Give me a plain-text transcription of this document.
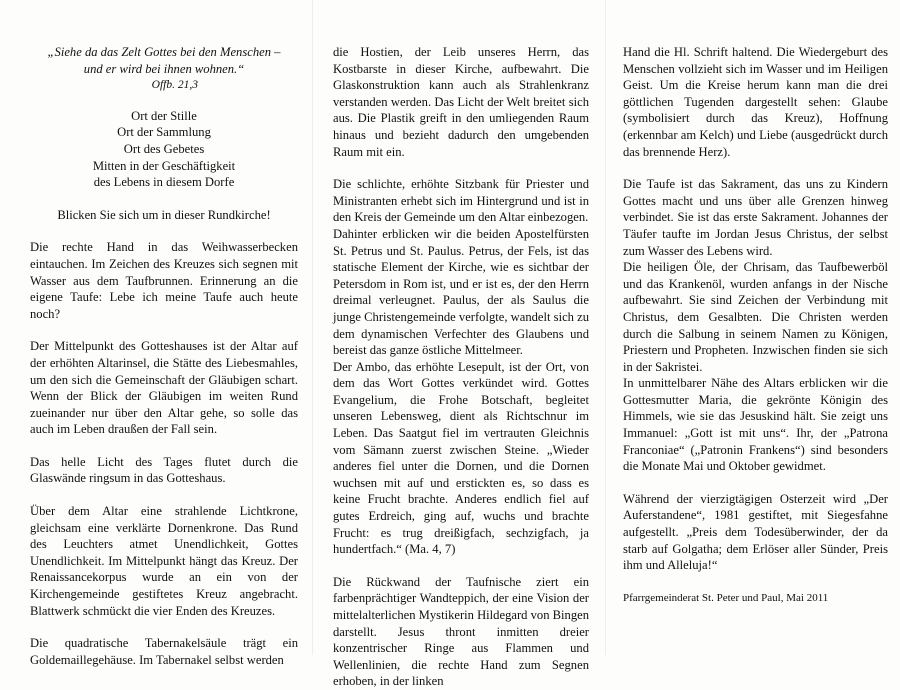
„Siehe da das Zelt Gottes bei den Menschen –

und er wird bei ihnen wohnen.“

Offb. 21,3

Ort der Stille

Ort der Sammlung

Ort des Gebetes

Mitten in der Geschäftigkeit

des Lebens in diesem Dorfe

Blicken Sie sich um in dieser Rundkirche!

Die rechte Hand in das Weihwasserbecken eintauchen. Im Zeichen des Kreuzes sich segnen mit Wasser aus dem Taufbrunnen. Erinnerung an die eigene Taufe: Lebe ich meine Taufe auch heute noch?

Der Mittelpunkt des Gotteshauses ist der Altar auf der erhöhten Altarinsel, die Stätte des Liebesmahles, um den sich die Gemeinschaft der Gläubigen schart. Wenn der Blick der Gläubigen im weiten Rund zueinander nur über den Altar gehe, so solle das auch im Leben draußen der Fall sein.

Das helle Licht des Tages flutet durch die Glaswände ringsum in das Gotteshaus.

Über dem Altar eine strahlende Lichtkrone, gleichsam eine verklärte Dornenkrone. Das Rund des Leuchters atmet Unendlichkeit, Gottes Unendlichkeit. Im Mittelpunkt hängt das Kreuz. Der Renaissancekorpus wurde an ein von der Kirchengemeinde gestiftetes Kreuz angebracht. Blattwerk schmückt die vier Enden des Kreuzes.

Die quadratische Tabernakelsäule trägt ein Goldemaillegehäuse. Im Tabernakel selbst werden

die Hostien, der Leib unseres Herrn, das Kostbarste in dieser Kirche, aufbewahrt. Die Glaskonstruktion kann auch als Strahlenkranz verstanden werden. Das Licht der Welt breitet sich aus. Die Plastik greift in den umliegenden Raum hinaus und bezieht dadurch den umgebenden Raum mit ein.

Die schlichte, erhöhte Sitzbank für Priester und Ministranten erhebt sich im Hintergrund und ist in den Kreis der Gemeinde um den Altar einbezogen.

Dahinter erblicken wir die beiden Apostelfürsten St. Petrus und St. Paulus. Petrus, der Fels, ist das statische Element der Kirche, wie es sichtbar der Petersdom in Rom ist, und er ist es, der den Herrn dreimal verleugnet. Paulus, der als Saulus die junge Christengemeinde verfolgte, wandelt sich zu dem dynamischen Verfechter des Glaubens und bereist das ganze östliche Mittelmeer.

Der Ambo, das erhöhte Lesepult, ist der Ort, von dem das Wort Gottes verkündet wird. Gottes Evangelium, die Frohe Botschaft, begleitet unseren Lebensweg, dient als Richtschnur im Leben. Das Saatgut fiel im vertrauten Gleichnis vom Sämann zuerst zwischen Steine. „Wieder anderes fiel unter die Dornen, und die Dornen wuchsen mit auf und erstickten es, so dass es keine Frucht brachte. Anderes endlich fiel auf gutes Erdreich, ging auf, wuchs und brachte Frucht: es trug dreißigfach, sechzigfach, ja hundertfach.“ (Ma. 4, 7)

Die Rückwand der Taufnische ziert ein farbenprächtiger Wandteppich, der eine Vision der mittelalterlichen Mystikerin Hildegard von Bingen darstellt. Jesus thront inmitten dreier konzentrischer Ringe aus Flammen und Wellenlinien, die rechte Hand zum Segnen erhoben, in der linken

Hand die Hl. Schrift haltend. Die Wiedergeburt des Menschen vollzieht sich im Wasser und im Heiligen Geist. Um die Kreise herum kann man die drei göttlichen Tugenden dargestellt sehen: Glaube (symbolisiert durch das Kreuz), Hoffnung (erkennbar am Kelch) und Liebe (ausgedrückt durch das brennende Herz).

Die Taufe ist das Sakrament, das uns zu Kindern Gottes macht und uns über alle Grenzen hinweg verbindet. Sie ist das erste Sakrament. Johannes der Täufer taufte im Jordan Jesus Christus, der selbst zum Wasser des Lebens wird.

Die heiligen Öle, der Chrisam, das Taufbewerböl und das Krankenöl, wurden anfangs in der Nische aufbewahrt. Sie sind Zeichen der Verbindung mit Christus, dem Gesalbten. Die Christen werden durch die Salbung in seinem Namen zu Königen, Priestern und Propheten. Inzwischen finden sie sich in der Sakristei.

In unmittelbarer Nähe des Altars erblicken wir die Gottesmutter Maria, die gekrönte Königin des Himmels, wie sie das Jesuskind hält. Sie zeigt uns Immanuel: „Gott ist mit uns“. Ihr, der „Patrona Franconiae“ („Patronin Frankens“) sind besonders die Monate Mai und Oktober gewidmet.

Während der vierzigtägigen Osterzeit wird „Der Auferstandene“, 1981 gestiftet, mit Siegesfahne aufgestellt. „Preis dem Todesüberwinder, der da starb auf Golgatha; dem Erlöser aller Sünder, Preis ihm und Alleluja!“

Pfarrgemeinderat St. Peter und Paul, Mai 2011
